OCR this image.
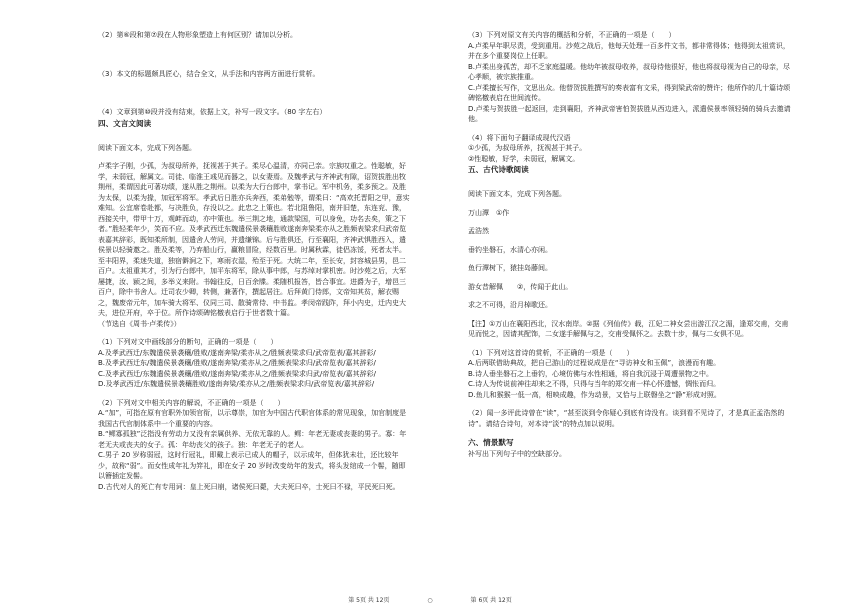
（2）第⑥段和第⑦段在人物形象塑造上有何区别？请加以分析。

（3）本文的标题颇具匠心，结合全文，从手法和内容两方面进行赏析。

（4）文章到第⑩段并没有结束，依据上文，补写一段文字。（80 字左右）

四、文言文阅读

阅读下面文本，完成下列各题。

卢柔字子刚，少孤，为叔母所养，抚视甚于其子。柔尽心温清，亦同己亲。宗族叹重之。性聪敏，好学，未弱冠，解属文。司徒、临淮王彧见而器之，以女妻焉。及魏孝武与齐神武有隙，诏贺拔胜出牧荆州，柔谓因此可著功绩，遂从胜之荆州。以柔为大行台郎中，掌书记。军中机务，柔多预之。及胜为太保，以柔为掾，加冠军将军。孝武后日胜亦兵奔西，柔弟勉等，谓柔曰：“高欢托晋阳之甲，意实难知。公宜席卷赴都，与决胜负，存没以之。此忠之上策也。若北阻鲁阳，南并旧楚，东连兖、豫，西接关中，带甲十万，观衅而动，亦中策也。举三荆之地，通款梁国，可以身免，功名去矣，策之下者。”胜轻柔年少，笑而不应。及孝武西迁东魏遣侯景袭穰胜败遂南奔梁柔亦从之胜频表梁求归武帝览表嘉其辞彩，既知柔所制，因遣舍人劳问，并遗缣锦。后与胜俱还，行至襄阳，齐神武惧胜西入，遣侯景以轻骑邀之。胜及柔等，乃弃船山行，赢粮冒险，经数百里。时属秋霖，徒侣冻馁，死者太半。至丰阳界，柔迷失道，独宿僻涧之下，寒雨衣湿，殆至于死。大统二年，至长安，封容城县男，邑二百户。太祖重其才，引为行台郎中，加平东将军，除从事中郎，与苏绰对掌机密。时沙苑之后，大军屡捷，汝、颍之间，多举义来附。书翰往反，日百余牒。柔随机报答，皆合事宜。进爵为子，增邑三百户，除中书舍人。迁司农少卿，转侧，兼著作，撰起居注。后拜黄门侍郎，文帝知其贫，解衣赐之，魏废帝元年，加车骑大将军、仪同三司、散骑常侍、中书监。孝闵帝践阼，拜小内史，迁内史大夫，进位开府，卒于位。所作诗颂碑铭檄表启行于世者数十篇。

（节选自《周书·卢柔传》）

（1）下列对文中画线部分的断句，正确的一项是（　　）

A.及孝武西迁/东魏遣侯景袭穰/胜败/遂南奔梁/柔亦从之/胜频表梁求归/武帝览表/嘉其辞彩/

B.及孝武西迁东/魏遣侯景袭穰/胜败/遂南奔梁/柔亦从之/胜频表梁求归/武帝览表/嘉其辞彩/

C.及孝武西迁/东魏遣侯景袭穰/胜败/遂南奔梁/柔亦从之/胜频表梁求归武/帝览表/嘉其辞彩/

D.及孝武西迁/东魏遣侯景袭穰胜败/遂南奔梁/柔亦从之/胜频表梁求归/武帝览表/嘉其辞彩/

（2）下列对文中相关内容的解说，不正确的一项是（　　）

A.“加”，可指在原有官职外加领官衔，以示尊崇，加官为中国古代职官体系的常见现象，加官制度是我国古代官制体系中一个重要的内容。

B.“鳏寡孤独”泛指没有劳动力又没有亲属供养、无依无靠的人。鳏：年老无妻或丧妻的男子。寡：年老无夫或丧夫的女子。孤：年幼丧父的孩子。独：年老无子的老人。

C.男子 20 岁称弱冠，这时行冠礼，即戴上表示已成人的帽子，以示成年，但体犹未壮，还比较年少，故称“弱”。而女性成年礼为笄礼，即在女子 20 岁时改变幼年的发式，将头发绾成一个髻，随即以簪插定发髻。

D.古代对人的死亡有专用词：皇上死曰崩，诸侯死曰薨，大夫死曰卒，士死曰不禄，平民死曰死。

（3）下列对原文有关内容的概括和分析，不正确的一项是（　　）

A.卢柔早年职尽责，受到重用。沙苑之战后，他每天处理一百多件文书，都非常得体；他得到太祖赏识，并在多个重要岗位上任职。

B.卢柔出身孤苦，却不乏家庭温暖。他幼年被叔母收养，叔母待他很好，他也将叔母视为自己的母亲，尽心孝顺，被宗族推重。

C.卢柔擅长写作，文思出众。他替贺拔胜撰写的奏表富有文采，得到梁武帝的赞许；他所作的几十篇诗颂碑铭檄表启在世间流传。

D.卢柔与贺拔胜一起返回，走到襄阳，齐神武帝害怕贺拔胜从西边进入，派遣侯景率领轻骑的骑兵去邀请他。

（4）将下面句子翻译成现代汉语

①少孤，为叔母所养，抚视甚于其子。

②性聪敏，好学，未弱冠，解属文。

五、古代诗歌阅读

阅读下面文本，完成下列各题。

万山潭　①作

孟浩然

垂钓坐磐石，水清心亦闲。

鱼行潭树下，猿挂岛藤间。

游女昔解佩　　②，传闻于此山。

求之不可得，沿月棹歌还。

【注】①万山在襄阳西北，汉水南岸。②据《列仙传》载，江妃二神女尝出游江汉之湄，逢郑交甫，交甫见而悦之，因请其配饰，二女遂手解佩与之，交甫受佩怀之。去数十步，佩与二女俱不见。

（1）下列对这首诗的赏析，不正确的一项是（　　）

A.后两联借助典故，把自己游山的过程说成是在“寻访神女和玉佩”，浪漫而有趣。

B.诗人垂坐磐石之上垂钓，心境仿佛与水性相通，将自我沉浸于周遭景物之中。

C.诗人为传说前神往却来之不得，只得与当年的郑交甫一样心怀遗憾，惆怅而归。

D.鱼儿和猴猴一低一高，相映成趣，作为动景，又恰与上联磐坐之“静”形成对照。

（2）闻一多评此诗曾在“读”，“甚至淡到令你疑心到底有诗没有。谈到看不见诗了，才是真正孟浩然的诗”。请结合诗句，对本诗“淡”的特点加以说明。

六、情景默写

补写出下列句子中的空缺部分。

第 5页 共 12页	○	第 6页 共 12页
